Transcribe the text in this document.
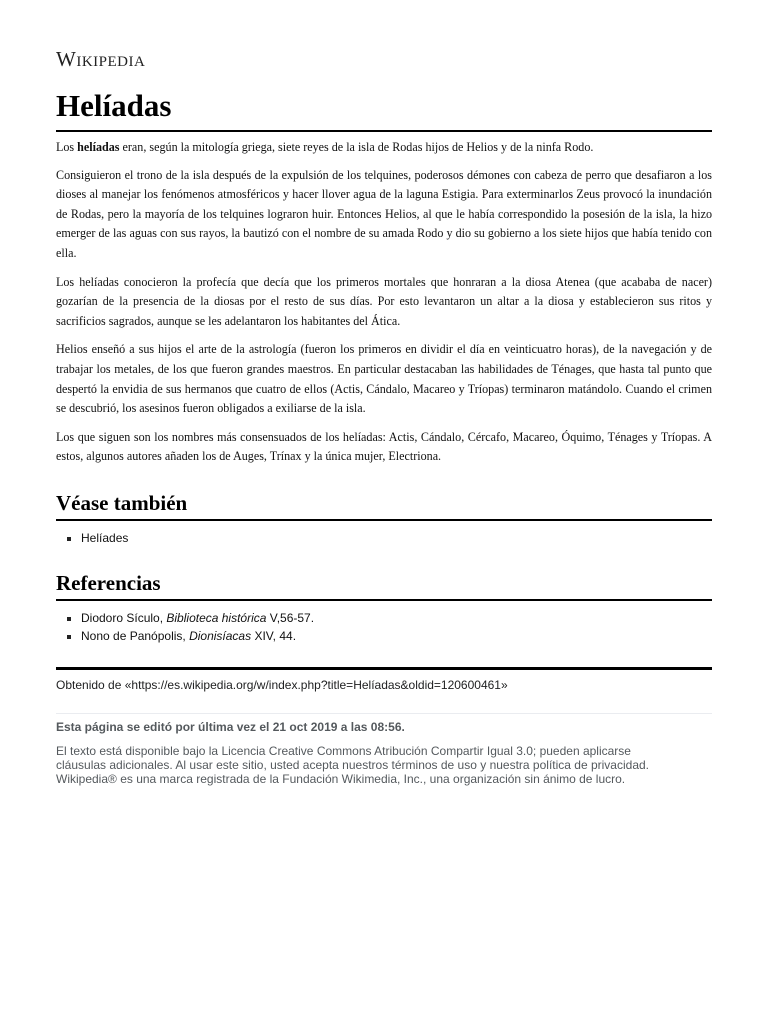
Wikipedia
Helíadas

Los helíadas eran, según la mitología griega, siete reyes de la isla de Rodas hijos de Helios y de la ninfa Rodo.

Consiguieron el trono de la isla después de la expulsión de los telquines, poderosos démones con cabeza de perro que desafiaron a los dioses al manejar los fenómenos atmosféricos y hacer llover agua de la laguna Estigia. Para exterminarlos Zeus provocó la inundación de Rodas, pero la mayoría de los telquines lograron huir. Entonces Helios, al que le había correspondido la posesión de la isla, la hizo emerger de las aguas con sus rayos, la bautizó con el nombre de su amada Rodo y dio su gobierno a los siete hijos que había tenido con ella.

Los helíadas conocieron la profecía que decía que los primeros mortales que honraran a la diosa Atenea (que acababa de nacer) gozarían de la presencia de la diosas por el resto de sus días. Por esto levantaron un altar a la diosa y establecieron sus ritos y sacrificios sagrados, aunque se les adelantaron los habitantes del Ática.

Helios enseñó a sus hijos el arte de la astrología (fueron los primeros en dividir el día en veinticuatro horas), de la navegación y de trabajar los metales, de los que fueron grandes maestros. En particular destacaban las habilidades de Ténages, que hasta tal punto que despertó la envidia de sus hermanos que cuatro de ellos (Actis, Cándalo, Macareo y Tríopas) terminaron matándolo. Cuando el crimen se descubrió, los asesinos fueron obligados a exiliarse de la isla.

Los que siguen son los nombres más consensuados de los helíadas: Actis, Cándalo, Cércafo, Macareo, Óquimo, Ténages y Tríopas. A estos, algunos autores añaden los de Auges, Trínax y la única mujer, Electriona.

Véase también
Helíades
Referencias
Diodoro Sículo, Biblioteca histórica V,56-57.
Nono de Panópolis, Dionisíacas XIV, 44.
Obtenido de «https://es.wikipedia.org/w/index.php?title=Helíadas&oldid=120600461»
Esta página se editó por última vez el 21 oct 2019 a las 08:56.
El texto está disponible bajo la Licencia Creative Commons Atribución Compartir Igual 3.0; pueden aplicarse
cláusulas adicionales. Al usar este sitio, usted acepta nuestros términos de uso y nuestra política de privacidad.
Wikipedia® es una marca registrada de la Fundación Wikimedia, Inc., una organización sin ánimo de lucro.
